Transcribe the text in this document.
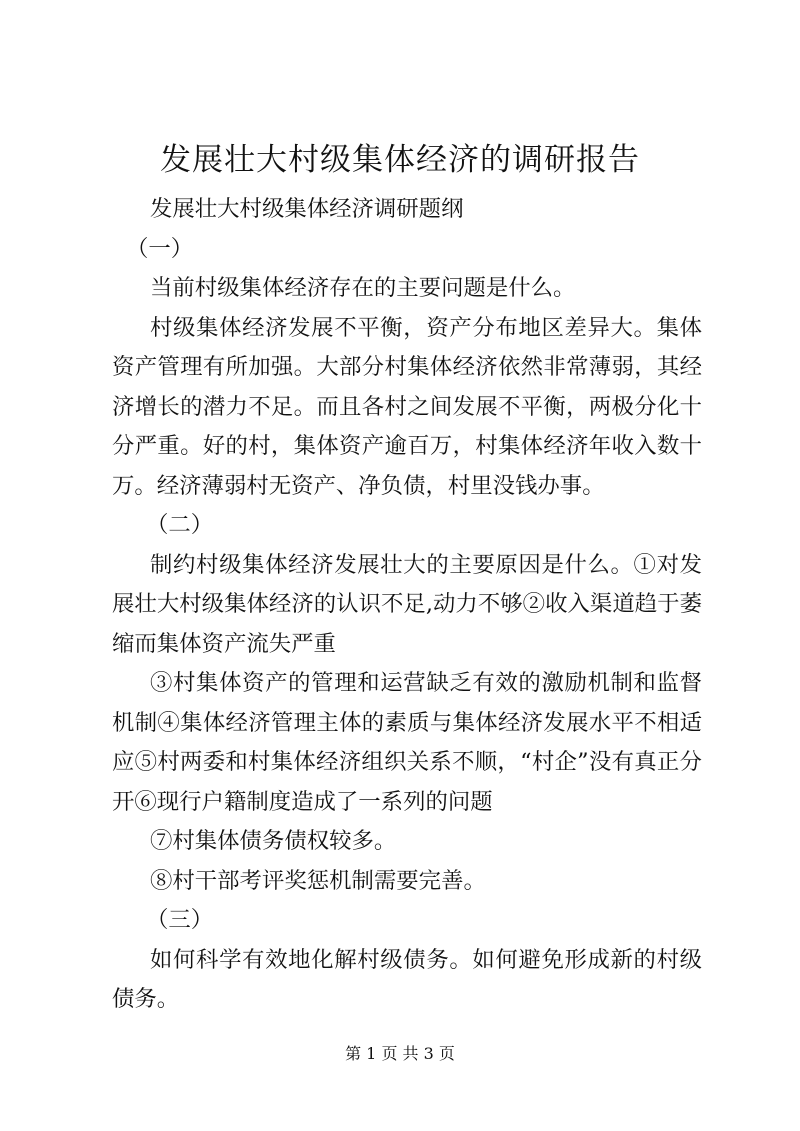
发展壮大村级集体经济的调研报告

发展壮大村级集体经济调研题纲

（一）

当前村级集体经济存在的主要问题是什么。

村级集体经济发展不平衡，资产分布地区差异大。集体资产管理有所加强。大部分村集体经济依然非常薄弱，其经济增长的潜力不足。而且各村之间发展不平衡，两极分化十分严重。好的村，集体资产逾百万，村集体经济年收入数十万。经济薄弱村无资产、净负债，村里没钱办事。

（二）

制约村级集体经济发展壮大的主要原因是什么。①对发展壮大村级集体经济的认识不足,动力不够②收入渠道趋于萎缩而集体资产流失严重

③村集体资产的管理和运营缺乏有效的激励机制和监督机制④集体经济管理主体的素质与集体经济发展水平不相适应⑤村两委和村集体经济组织关系不顺，“村企”没有真正分开⑥现行户籍制度造成了一系列的问题

⑦村集体债务债权较多。

⑧村干部考评奖惩机制需要完善。

（三）

如何科学有效地化解村级债务。如何避免形成新的村级债务。

第 1 页 共 3 页
